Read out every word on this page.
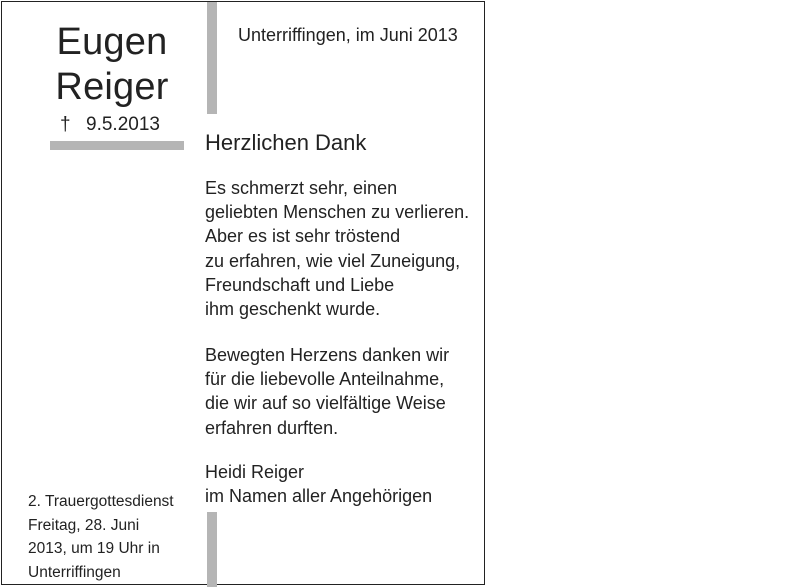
Eugen
Reiger
† 9.5.2013
Unterriffingen, im Juni 2013
Herzlichen Dank
Es schmerzt sehr, einen
geliebten Menschen zu verlieren.
Aber es ist sehr tröstend
zu erfahren, wie viel Zuneigung,
Freundschaft und Liebe
ihm geschenkt wurde.
Bewegten Herzens danken wir
für die liebevolle Anteilnahme,
die wir auf so vielfältige Weise
erfahren durften.
Heidi Reiger
im Namen aller Angehörigen
2. Trauergottesdienst
Freitag, 28. Juni
2013, um 19 Uhr in
Unterriffingen
